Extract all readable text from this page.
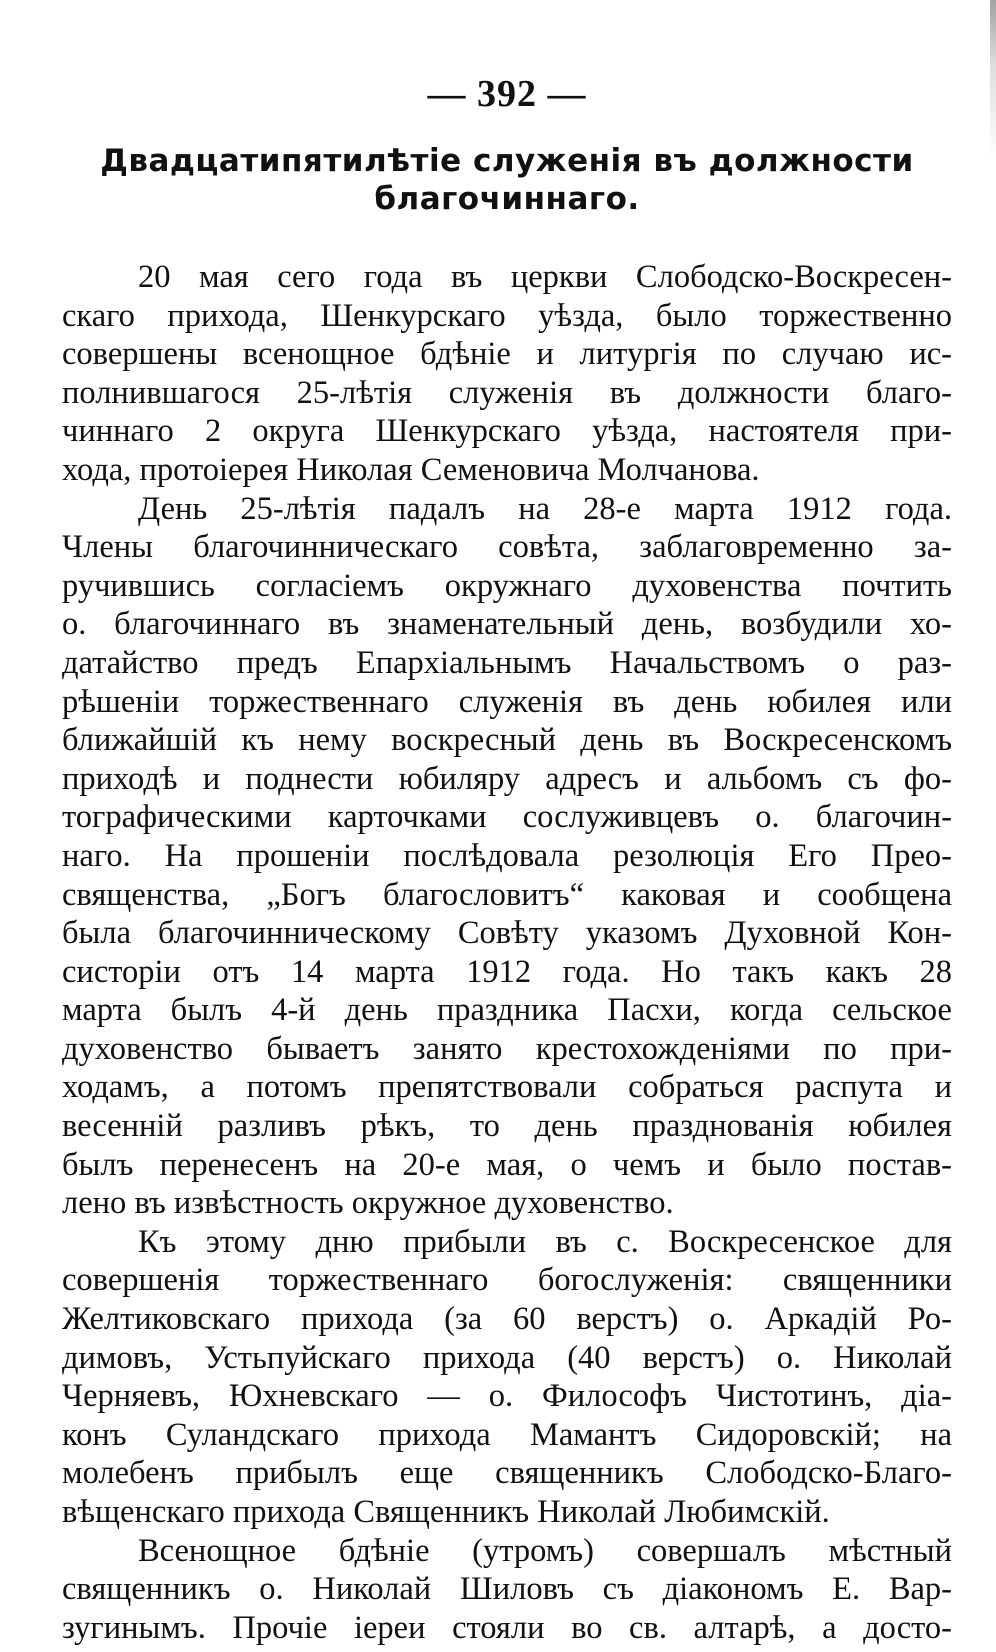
— 392 —
Двадцатипятилѣтіе служенія въ должности
благочиннаго.
20 мая сего года въ церкви Слободско-Воскресен-
скаго прихода, Шенкурскаго уѣзда, было торжественно
совершены всенощное бдѣніе и литургія по случаю ис-
полнившагося 25-лѣтія служенія въ должности благо-
чиннаго 2 округа Шенкурскаго уѣзда, настоятеля при-
хода, протоіерея Николая Семеновича Молчанова.
День 25-лѣтія падалъ на 28-е марта 1912 года.
Члены благочинническаго совѣта, заблаговременно за-
ручившись согласіемъ окружнаго духовенства почтить
о. благочиннаго въ знаменательный день, возбудили хо-
датайство предъ Епархіальнымъ Начальствомъ о раз-
рѣшеніи торжественнаго служенія въ день юбилея или
ближайшій къ нему воскресный день въ Воскресенскомъ
приходѣ и поднести юбиляру адресъ и альбомъ съ фо-
тографическими карточками сослуживцевъ о. благочин-
наго. На прошеніи послѣдовала резолюція Его Прео-
священства, „Богъ благословитъ“ каковая и сообщена
была благочинническому Совѣту указомъ Духовной Кон-
систоріи отъ 14 марта 1912 года. Но такъ какъ 28
марта былъ 4-й день праздника Пасхи, когда сельское
духовенство бываетъ занято крестохожденіями по при-
ходамъ, а потомъ препятствовали собраться распута и
весенній разливъ рѣкъ, то день празднованія юбилея
былъ перенесенъ на 20-е мая, о чемъ и было постав-
лено въ извѣстность окружное духовенство.
Къ этому дню прибыли въ с. Воскресенское для
совершенія торжественнаго богослуженія: священники
Желтиковскаго прихода (за 60 верстъ) о. Аркадій Ро-
димовъ, Устьпуйскаго прихода (40 верстъ) о. Николай
Черняевъ, Юхневскаго — о. Философъ Чистотинъ, діа-
конъ Суландскаго прихода Мамантъ Сидоровскій; на
молебенъ прибылъ еще священникъ Слободско-Благо-
вѣщенскаго прихода Священникъ Николай Любимскій.
Всенощное бдѣніе (утромъ) совершалъ мѣстный
священникъ о. Николай Шиловъ съ діакономъ Е. Вар-
зугинымъ. Прочіе іереи стояли во св. алтарѣ, а досто-
